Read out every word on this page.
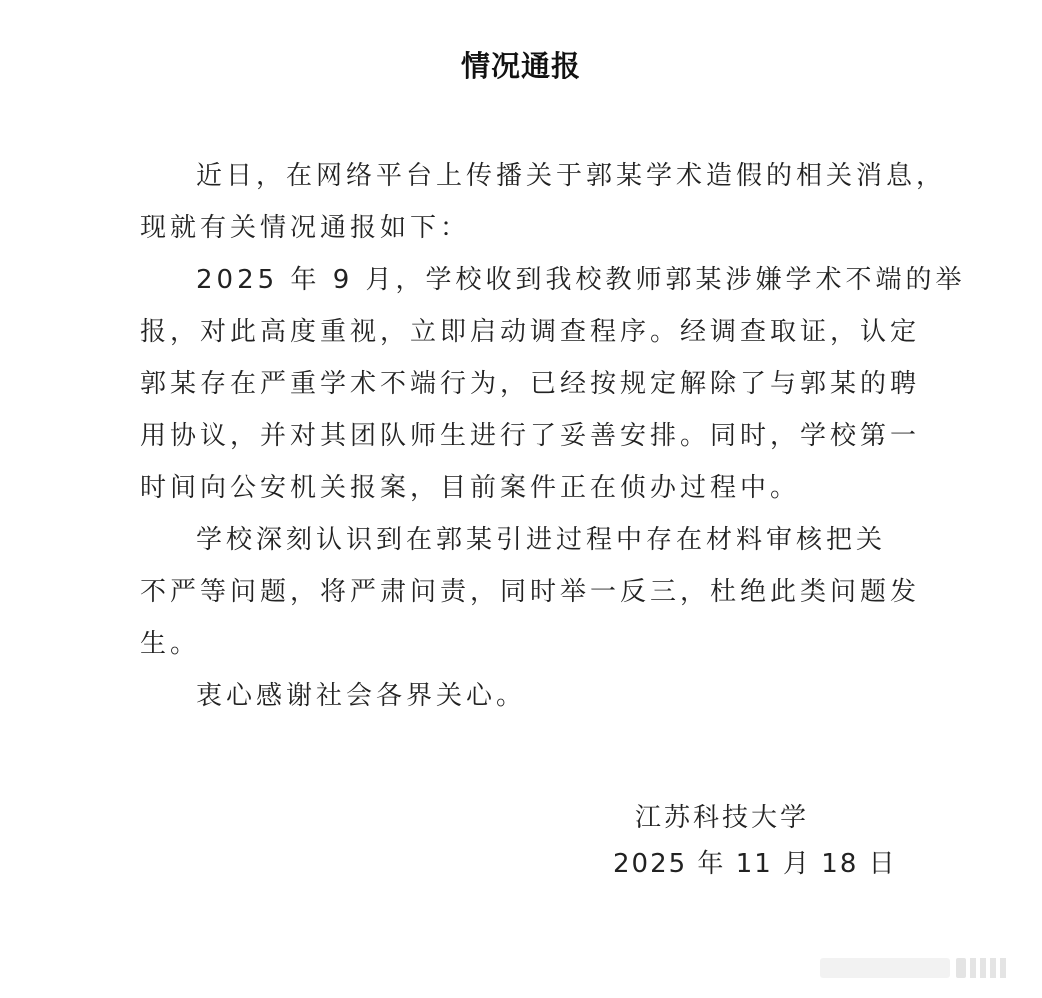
情况通报

近日，在网络平台上传播关于郭某学术造假的相关消息，

现就有关情况通报如下：

2025 年 9 月，学校收到我校教师郭某涉嫌学术不端的举

报，对此高度重视，立即启动调查程序。经调查取证，认定

郭某存在严重学术不端行为，已经按规定解除了与郭某的聘

用协议，并对其团队师生进行了妥善安排。同时，学校第一

时间向公安机关报案，目前案件正在侦办过程中。

学校深刻认识到在郭某引进过程中存在材料审核把关

不严等问题，将严肃问责，同时举一反三，杜绝此类问题发

生。

衷心感谢社会各界关心。

江苏科技大学
2025 年 11 月 18 日
